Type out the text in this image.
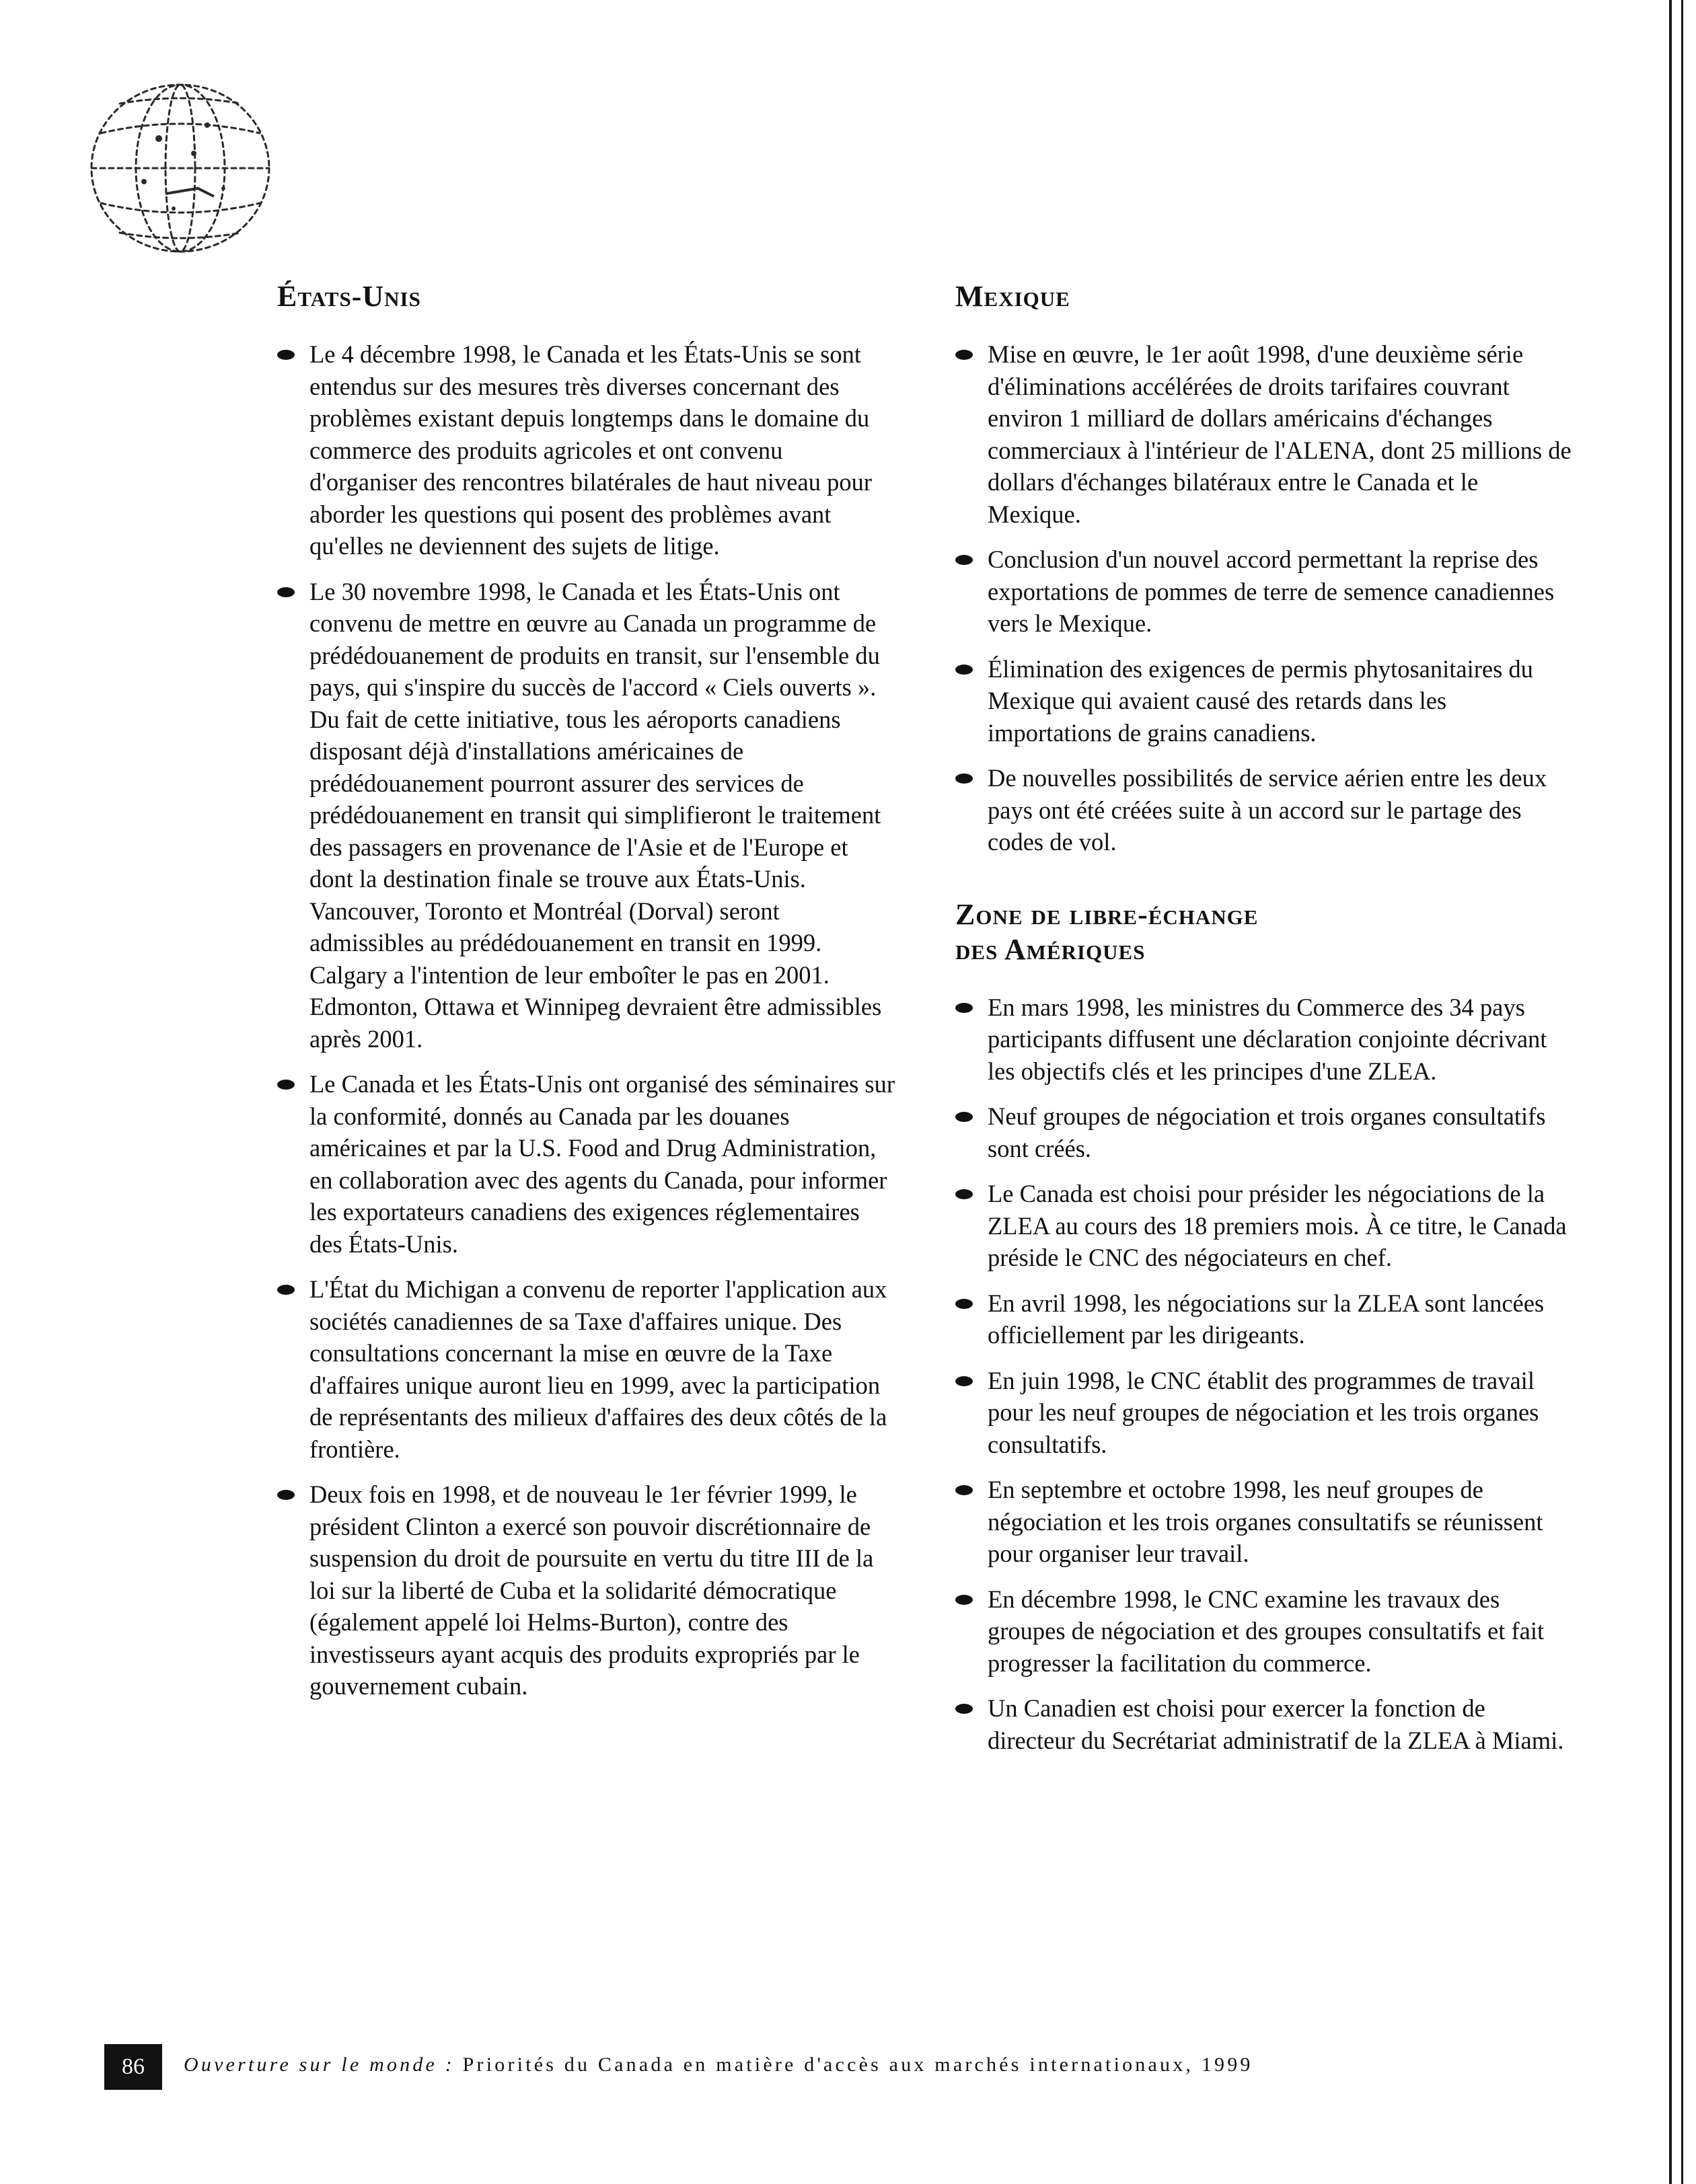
États-Unis
Le 4 décembre 1998, le Canada et les États-Unis se sont entendus sur des mesures très diverses concernant des problèmes existant depuis longtemps dans le domaine du commerce des produits agricoles et ont convenu d'organiser des rencontres bilatérales de haut niveau pour aborder les questions qui posent des problèmes avant qu'elles ne deviennent des sujets de litige.
Le 30 novembre 1998, le Canada et les États-Unis ont convenu de mettre en œuvre au Canada un programme de prédédouanement de produits en transit, sur l'ensemble du pays, qui s'inspire du succès de l'accord « Ciels ouverts ». Du fait de cette initiative, tous les aéroports canadiens disposant déjà d'installations américaines de prédédouanement pourront assurer des services de prédédouanement en transit qui simplifieront le traitement des passagers en provenance de l'Asie et de l'Europe et dont la destination finale se trouve aux États-Unis. Vancouver, Toronto et Montréal (Dorval) seront admissibles au prédédouanement en transit en 1999. Calgary a l'intention de leur emboîter le pas en 2001. Edmonton, Ottawa et Winnipeg devraient être admissibles après 2001.
Le Canada et les États-Unis ont organisé des séminaires sur la conformité, donnés au Canada par les douanes américaines et par la U.S. Food and Drug Administration, en collaboration avec des agents du Canada, pour informer les exportateurs canadiens des exigences réglementaires des États-Unis.
L'État du Michigan a convenu de reporter l'application aux sociétés canadiennes de sa Taxe d'affaires unique. Des consultations concernant la mise en œuvre de la Taxe d'affaires unique auront lieu en 1999, avec la participation de représentants des milieux d'affaires des deux côtés de la frontière.
Deux fois en 1998, et de nouveau le 1er février 1999, le président Clinton a exercé son pouvoir discrétionnaire de suspension du droit de poursuite en vertu du titre III de la loi sur la liberté de Cuba et la solidarité démocratique (également appelé loi Helms-Burton), contre des investisseurs ayant acquis des produits expropriés par le gouvernement cubain.
Mexique
Mise en œuvre, le 1er août 1998, d'une deuxième série d'éliminations accélérées de droits tarifaires couvrant environ 1 milliard de dollars américains d'échanges commerciaux à l'intérieur de l'ALENA, dont 25 millions de dollars d'échanges bilatéraux entre le Canada et le Mexique.
Conclusion d'un nouvel accord permettant la reprise des exportations de pommes de terre de semence canadiennes vers le Mexique.
Élimination des exigences de permis phytosanitaires du Mexique qui avaient causé des retards dans les importations de grains canadiens.
De nouvelles possibilités de service aérien entre les deux pays ont été créées suite à un accord sur le partage des codes de vol.
Zone de libre-échange
des Amériques
En mars 1998, les ministres du Commerce des 34 pays participants diffusent une déclaration conjointe décrivant les objectifs clés et les principes d'une ZLEA.
Neuf groupes de négociation et trois organes consultatifs sont créés.
Le Canada est choisi pour présider les négociations de la ZLEA au cours des 18 premiers mois. À ce titre, le Canada préside le CNC des négociateurs en chef.
En avril 1998, les négociations sur la ZLEA sont lancées officiellement par les dirigeants.
En juin 1998, le CNC établit des programmes de travail pour les neuf groupes de négociation et les trois organes consultatifs.
En septembre et octobre 1998, les neuf groupes de négociation et les trois organes consultatifs se réunissent pour organiser leur travail.
En décembre 1998, le CNC examine les travaux des groupes de négociation et des groupes consultatifs et fait progresser la facilitation du commerce.
Un Canadien est choisi pour exercer la fonction de directeur du Secrétariat administratif de la ZLEA à Miami.
86	Ouverture sur le monde : Priorités du Canada en matière d'accès aux marchés internationaux, 1999
